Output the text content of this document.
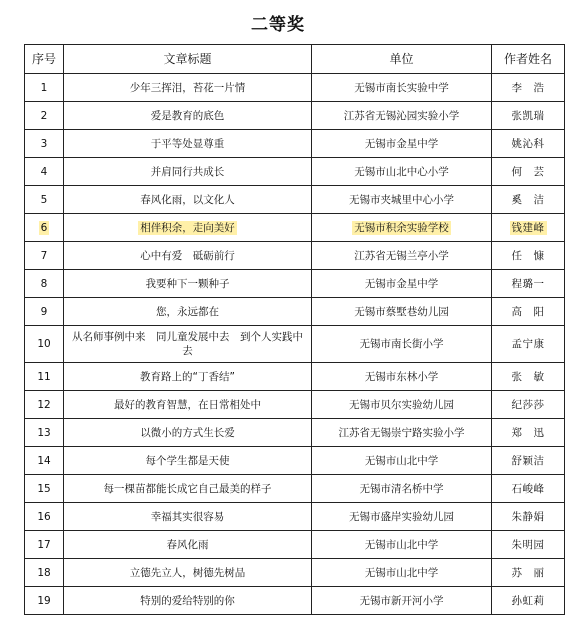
二等奖
序号	文章标题	单位	作者姓名
1	少年三挥泪，苔花一片情	无锡市南长实验中学	李　浩
2	爱是教育的底色	江苏省无锡沁园实验小学	张凯瑞
3	于平等处显尊重	无锡市金星中学	姚沁科
4	并肩同行共成长	无锡市山北中心小学	何　芸
5	春风化雨，以文化人	无锡市夹城里中心小学	奚　洁
6	相伴积余，走向美好	无锡市积余实验学校	钱建峰
7	心中有爱　砥砺前行	江苏省无锡兰亭小学	任　慷
8	我要种下一颗种子	无锡市金星中学	程璐一
9	您，永远都在	无锡市蔡墅巷幼儿园	高　阳
10	从名师事例中来　同儿童发展中去　到个人实践中去	无锡市南长街小学	孟宁康
11	教育路上的“丁香结”	无锡市东林小学	张　敏
12	最好的教育智慧，在日常相处中	无锡市贝尔实验幼儿园	纪莎莎
13	以微小的方式生长爱	江苏省无锡崇宁路实验小学	郑　迅
14	每个学生都是天使	无锡市山北中学	舒颖洁
15	每一棵苗都能长成它自己最美的样子	无锡市清名桥中学	石峻峰
16	幸福其实很容易	无锡市盛岸实验幼儿园	朱静娟
17	春风化雨	无锡市山北中学	朱明园
18	立德先立人，树德先树品	无锡市山北中学	苏　丽
19	特别的爱给特别的你	无锡市新开河小学	孙虹莉
